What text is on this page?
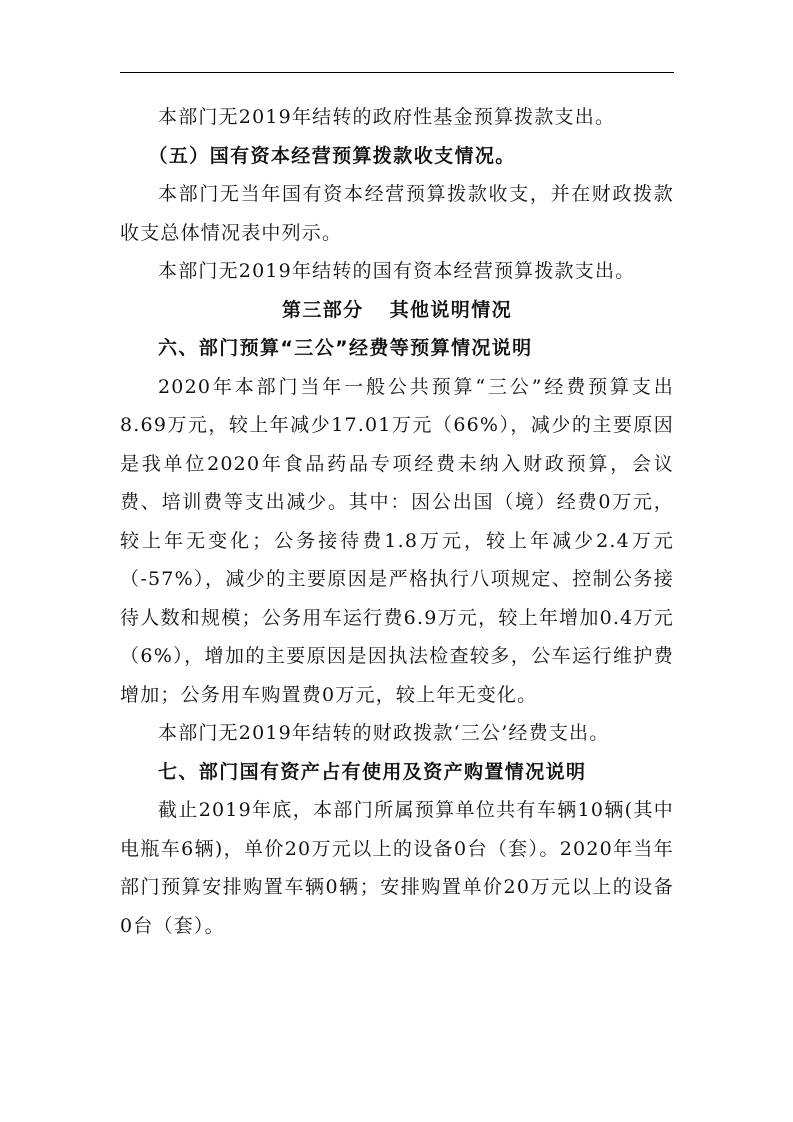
本部门无2019年结转的政府性基金预算拨款支出。

（五）国有资本经营预算拨款收支情况。

本部门无当年国有资本经营预算拨款收支，并在财政拨款收支总体情况表中列示。

本部门无2019年结转的国有资本经营预算拨款支出。

第三部分 其他说明情况

六、部门预算“三公”经费等预算情况说明

2020年本部门当年一般公共预算“三公”经费预算支出8.69万元，较上年减少17.01万元（66%），减少的主要原因是我单位2020年食品药品专项经费未纳入财政预算，会议费、培训费等支出减少。其中：因公出国（境）经费0万元，较上年无变化；公务接待费1.8万元，较上年减少2.4万元（-57%），减少的主要原因是严格执行八项规定、控制公务接待人数和规模；公务用车运行费6.9万元，较上年增加0.4万元（6%），增加的主要原因是因执法检查较多，公车运行维护费增加；公务用车购置费0万元，较上年无变化。

本部门无2019年结转的财政拨款‘三公’经费支出。

七、部门国有资产占有使用及资产购置情况说明

截止2019年底，本部门所属预算单位共有车辆10辆(其中电瓶车6辆)，单价20万元以上的设备0台（套）。2020年当年部门预算安排购置车辆0辆；安排购置单价20万元以上的设备0台（套）。
